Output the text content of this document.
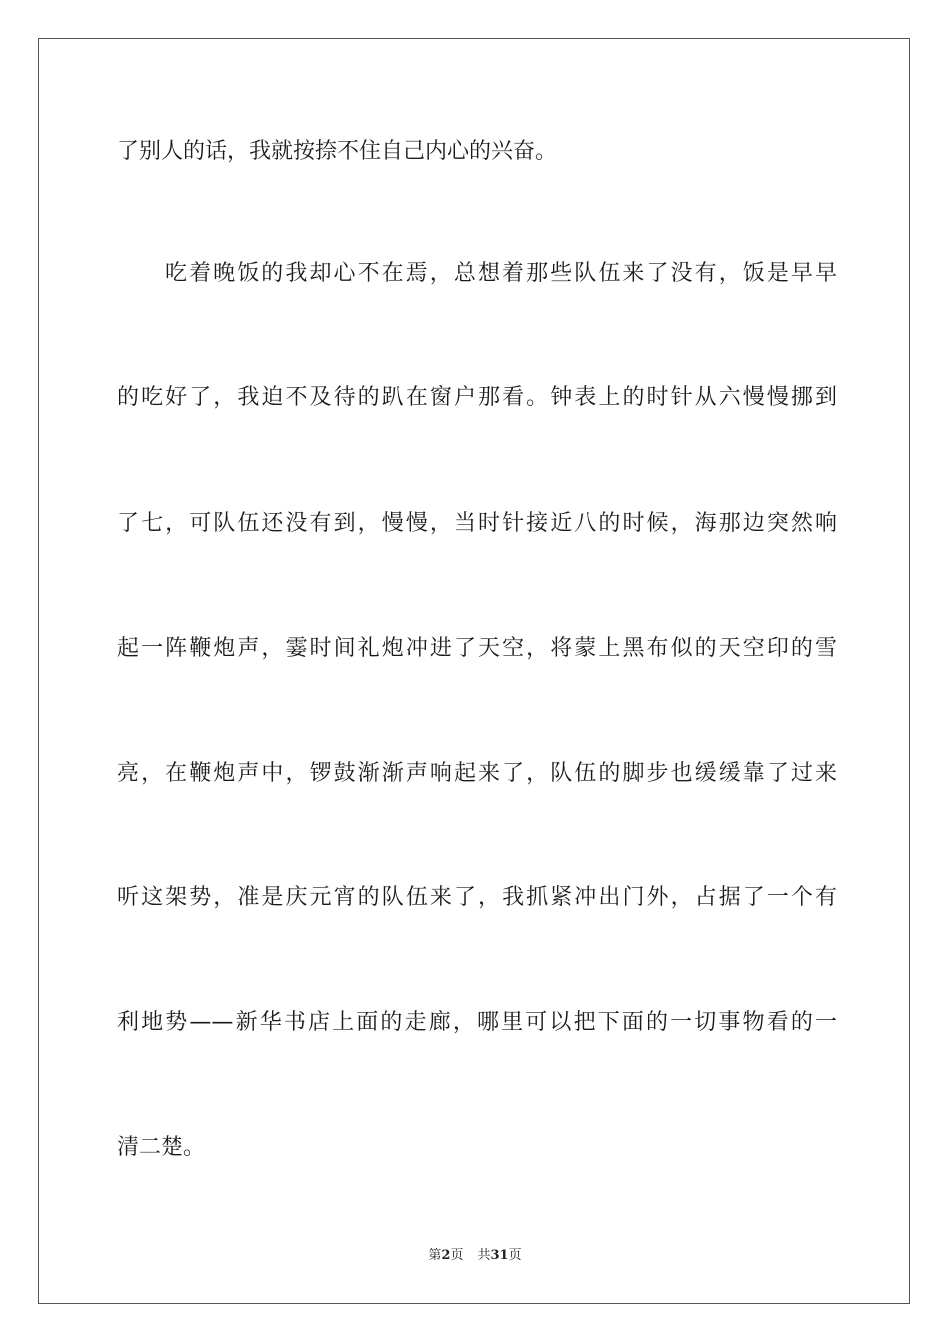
了别人的话，我就按捺不住自己内心的兴奋。
吃着晚饭的我却心不在焉，总想着那些队伍来了没有，饭是早早
的吃好了，我迫不及待的趴在窗户那看。钟表上的时针从六慢慢挪到
了七，可队伍还没有到，慢慢，当时针接近八的时候，海那边突然响
起一阵鞭炮声，霎时间礼炮冲进了天空，将蒙上黑布似的天空印的雪
亮，在鞭炮声中，锣鼓渐渐声响起来了，队伍的脚步也缓缓靠了过来
听这架势，准是庆元宵的队伍来了，我抓紧冲出门外，占据了一个有
利地势——新华书店上面的走廊，哪里可以把下面的一切事物看的一
清二楚。
第2页 共31页
